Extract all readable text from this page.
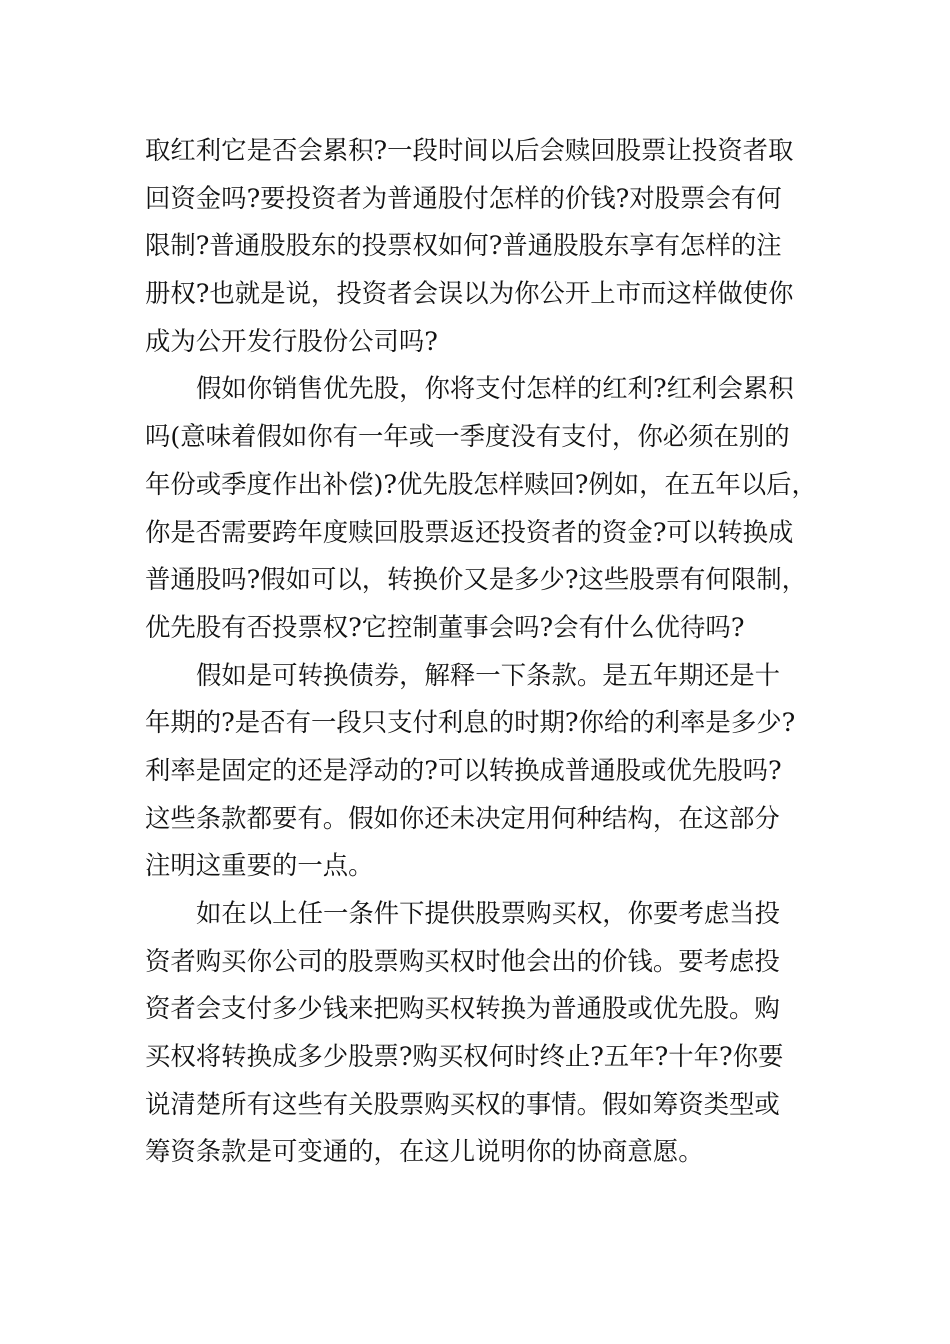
取红利它是否会累积?一段时间以后会赎回股票让投资者取
回资金吗?要投资者为普通股付怎样的价钱?对股票会有何
限制?普通股股东的投票权如何?普通股股东享有怎样的注
册权?也就是说，投资者会误以为你公开上市而这样做使你
成为公开发行股份公司吗?
假如你销售优先股，你将支付怎样的红利?红利会累积
吗(意味着假如你有一年或一季度没有支付，你必须在别的
年份或季度作出补偿)?优先股怎样赎回?例如，在五年以后，
你是否需要跨年度赎回股票返还投资者的资金?可以转换成
普通股吗?假如可以，转换价又是多少?这些股票有何限制，
优先股有否投票权?它控制董事会吗?会有什么优待吗?
假如是可转换债券，解释一下条款。是五年期还是十
年期的?是否有一段只支付利息的时期?你给的利率是多少?
利率是固定的还是浮动的?可以转换成普通股或优先股吗?
这些条款都要有。假如你还未决定用何种结构，在这部分
注明这重要的一点。
如在以上任一条件下提供股票购买权，你要考虑当投
资者购买你公司的股票购买权时他会出的价钱。要考虑投
资者会支付多少钱来把购买权转换为普通股或优先股。购
买权将转换成多少股票?购买权何时终止?五年?十年?你要
说清楚所有这些有关股票购买权的事情。假如筹资类型或
筹资条款是可变通的，在这儿说明你的协商意愿。
